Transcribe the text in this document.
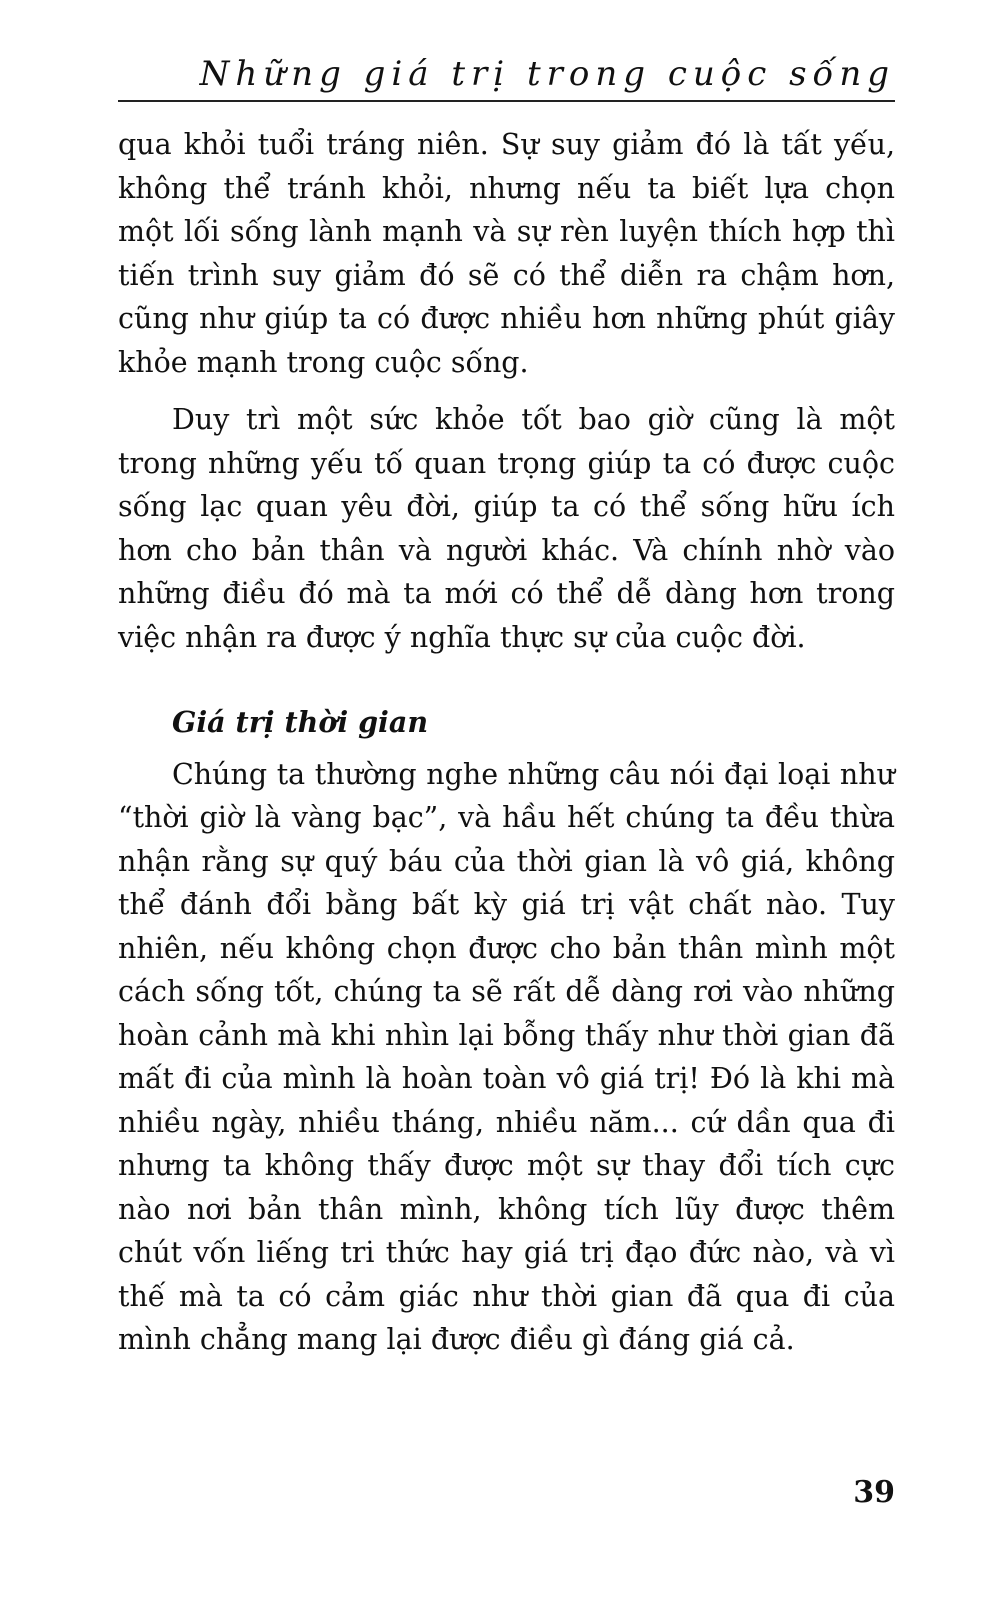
Những giá trị trong cuộc sống

qua khỏi tuổi tráng niên. Sự suy giảm đó là tất yếu, không thể tránh khỏi, nhưng nếu ta biết lựa chọn một lối sống lành mạnh và sự rèn luyện thích hợp thì tiến trình suy giảm đó sẽ có thể diễn ra chậm hơn, cũng như giúp ta có được nhiều hơn những phút giây khỏe mạnh trong cuộc sống.

Duy trì một sức khỏe tốt bao giờ cũng là một trong những yếu tố quan trọng giúp ta có được cuộc sống lạc quan yêu đời, giúp ta có thể sống hữu ích hơn cho bản thân và người khác. Và chính nhờ vào những điều đó mà ta mới có thể dễ dàng hơn trong việc nhận ra được ý nghĩa thực sự của cuộc đời.

Giá trị thời gian

Chúng ta thường nghe những câu nói đại loại như “thời giờ là vàng bạc”, và hầu hết chúng ta đều thừa nhận rằng sự quý báu của thời gian là vô giá, không thể đánh đổi bằng bất kỳ giá trị vật chất nào. Tuy nhiên, nếu không chọn được cho bản thân mình một cách sống tốt, chúng ta sẽ rất dễ dàng rơi vào những hoàn cảnh mà khi nhìn lại bỗng thấy như thời gian đã mất đi của mình là hoàn toàn vô giá trị! Đó là khi mà nhiều ngày, nhiều tháng, nhiều năm... cứ dần qua đi nhưng ta không thấy được một sự thay đổi tích cực nào nơi bản thân mình, không tích lũy được thêm chút vốn liếng tri thức hay giá trị đạo đức nào, và vì thế mà ta có cảm giác như thời gian đã qua đi của mình chẳng mang lại được điều gì đáng giá cả.

39
